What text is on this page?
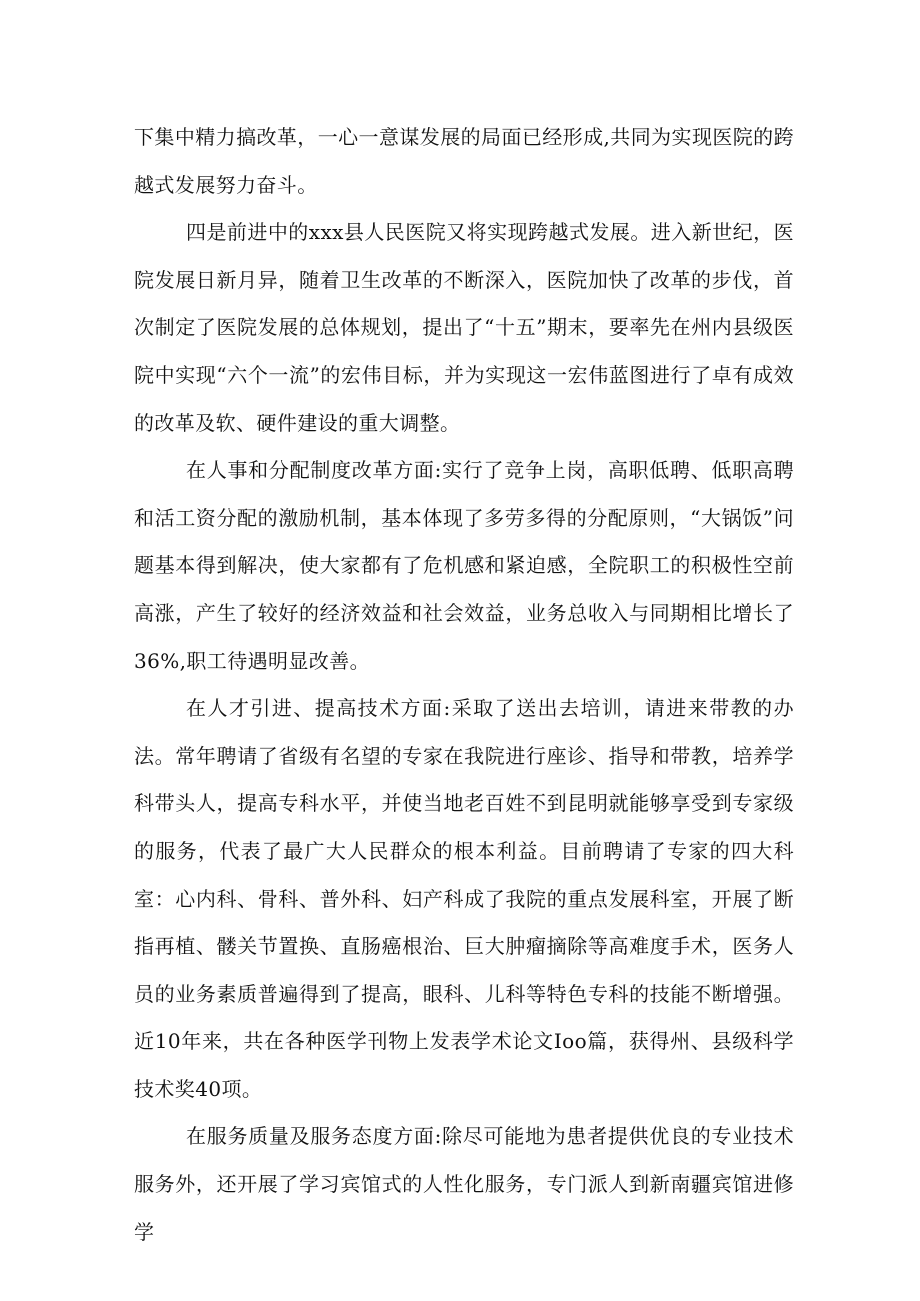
下集中精力搞改革，一心一意谋发展的局面已经形成,共同为实现医院的跨越式发展努力奋斗。

四是前进中的xxx县人民医院又将实现跨越式发展。进入新世纪，医院发展日新月异，随着卫生改革的不断深入，医院加快了改革的步伐，首次制定了医院发展的总体规划，提出了“十五”期末，要率先在州内县级医院中实现“六个一流”的宏伟目标，并为实现这一宏伟蓝图进行了卓有成效的改革及软、硬件建设的重大调整。

在人事和分配制度改革方面:实行了竞争上岗，高职低聘、低职高聘和活工资分配的激励机制，基本体现了多劳多得的分配原则，“大锅饭”问题基本得到解决，使大家都有了危机感和紧迫感，全院职工的积极性空前高涨，产生了较好的经济效益和社会效益，业务总收入与同期相比增长了36%,职工待遇明显改善。

在人才引进、提高技术方面:采取了送出去培训，请进来带教的办法。常年聘请了省级有名望的专家在我院进行座诊、指导和带教，培养学科带头人，提高专科水平，并使当地老百姓不到昆明就能够享受到专家级的服务，代表了最广大人民群众的根本利益。目前聘请了专家的四大科室：心内科、骨科、普外科、妇产科成了我院的重点发展科室，开展了断指再植、髅关节置换、直肠癌根治、巨大肿瘤摘除等高难度手术，医务人员的业务素质普遍得到了提高，眼科、儿科等特色专科的技能不断增强。近10年来，共在各种医学刊物上发表学术论文Ioo篇，获得州、县级科学技术奖40项。

在服务质量及服务态度方面:除尽可能地为患者提供优良的专业技术服务外，还开展了学习宾馆式的人性化服务，专门派人到新南疆宾馆进修学
